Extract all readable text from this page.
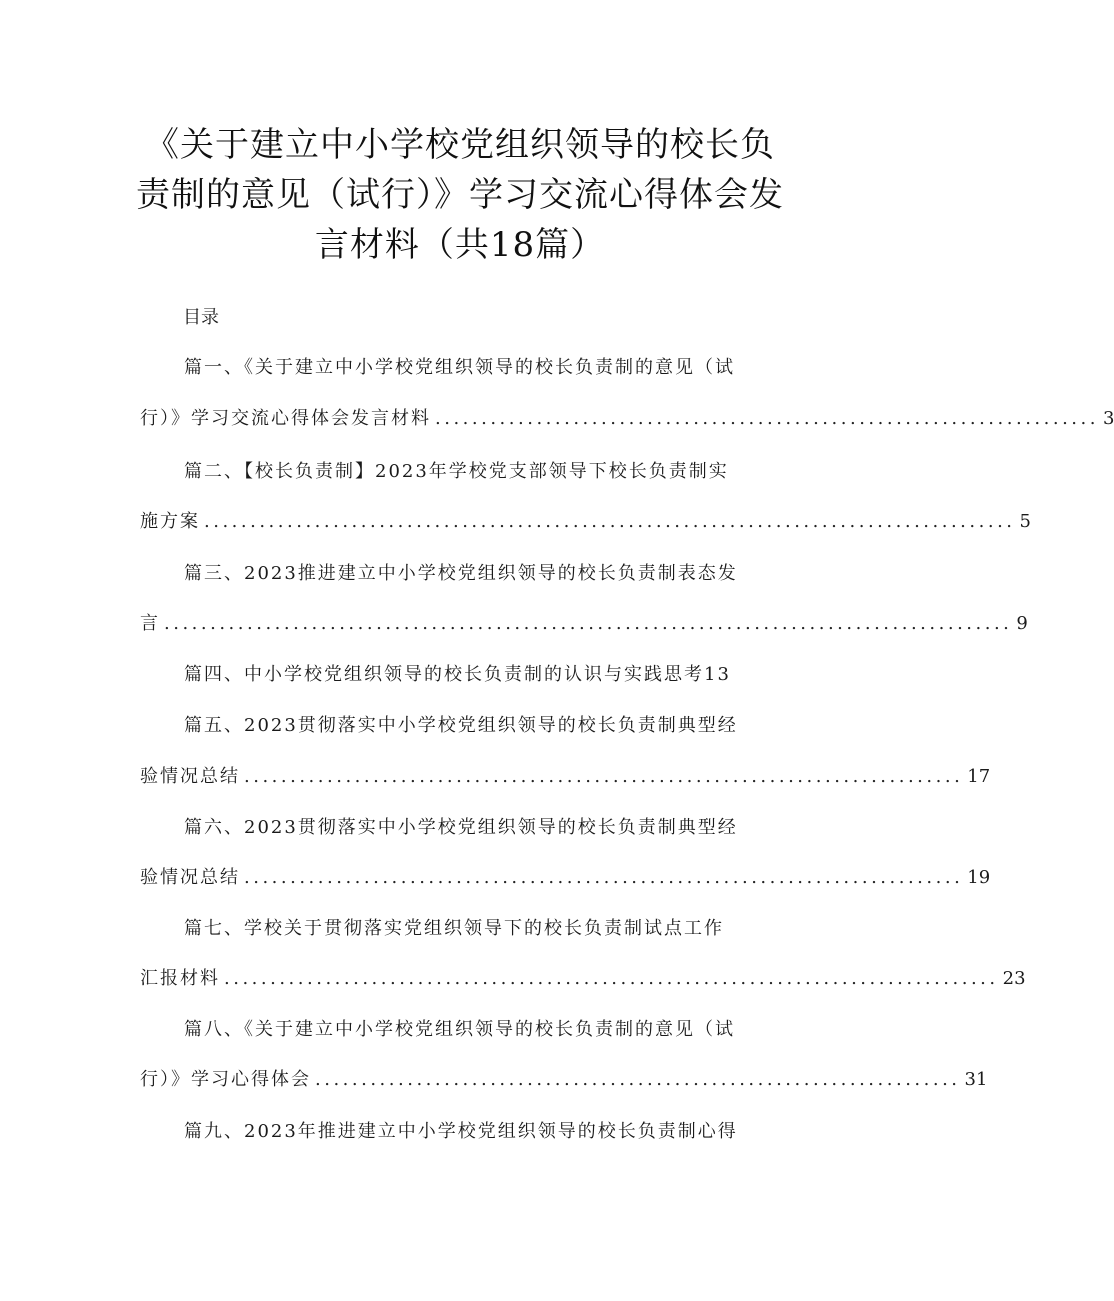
《关于建立中小学校党组织领导的校长负
责制的意见（试行）》学习交流心得体会发
言材料（共18篇）
目录
篇一、《关于建立中小学校党组织领导的校长负责制的意见（试
行）》学习交流心得体会发言材料 ........................................................................ 3
篇二、【校长负责制】2023年学校党支部领导下校长负责制实
施方案 ........................................................................................ 5
篇三、2023推进建立中小学校党组织领导的校长负责制表态发
言 ............................................................................................ 9
篇四、中小学校党组织领导的校长负责制的认识与实践思考13
篇五、2023贯彻落实中小学校党组织领导的校长负责制典型经
验情况总结 .............................................................................. 17
篇六、2023贯彻落实中小学校党组织领导的校长负责制典型经
验情况总结 .............................................................................. 19
篇七、学校关于贯彻落实党组织领导下的校长负责制试点工作
汇报材料 .................................................................................... 23
篇八、《关于建立中小学校党组织领导的校长负责制的意见（试
行）》学习心得体会 ...................................................................... 31
篇九、2023年推进建立中小学校党组织领导的校长负责制心得
